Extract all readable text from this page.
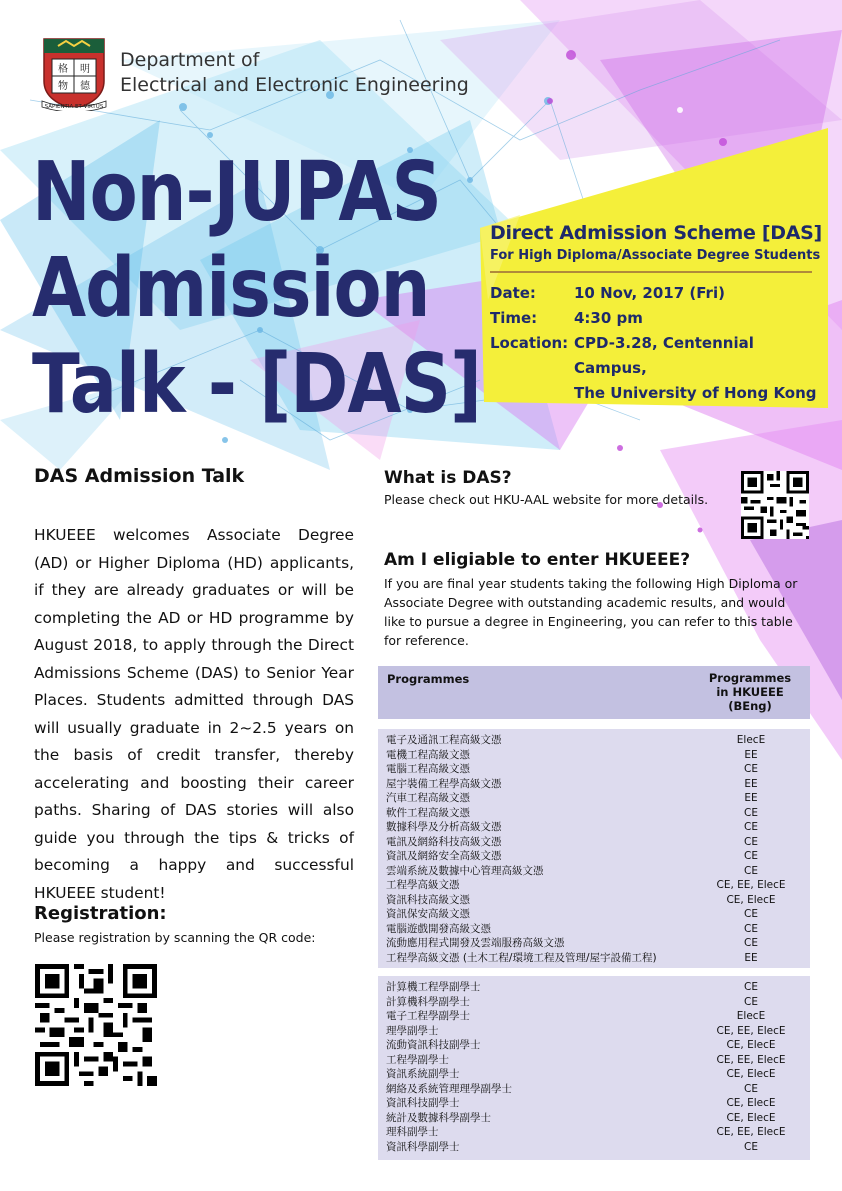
格 明
物 德
SAPIENTIA ET VIRTUS
Department of
Electrical and Electronic Engineering
Non-JUPAS
Admission
Talk - [DAS]
Direct Admission Scheme [DAS]
For High Diploma/Associate Degree Students
Date:	10 Nov, 2017 (Fri)
Time:	4:30 pm
Location: CPD-3.28, Centennial Campus,
The University of Hong Kong
DAS Admission Talk
HKUEEE welcomes Associate Degree (AD) or Higher Diploma (HD) applicants, if they are already graduates or will be completing the AD or HD programme by August 2018, to apply through the Direct Admissions Scheme (DAS) to Senior Year Places. Students admitted through DAS will usually graduate in 2~2.5 years on the basis of credit transfer, thereby accelerating and boosting their career paths. Sharing of DAS stories will also guide you through the tips & tricks of becoming a happy and successful HKUEEE student!
Registration:
Please registration by scanning the QR code:
What is DAS?
Please check out HKU-AAL website for more details.
Am I eligiable to enter HKUEEE?
If you are final year students taking the following High Diploma or Associate Degree with outstanding academic results, and would like to pursue a degree in Engineering, you can refer to this table for reference.
Programmes	Programmes
in HKUEEE
(BEng)
電子及通訊工程高級文憑	ElecE
電機工程高級文憑	EE
電腦工程高級文憑	CE
屋宇裝備工程學高級文憑	EE
汽車工程高級文憑	EE
軟件工程高級文憑	CE
數據科學及分析高級文憑	CE
電訊及網絡科技高級文憑	CE
資訊及網絡安全高級文憑	CE
雲端系統及數據中心管理高級文憑	CE
工程學高級文憑	CE, EE, ElecE
資訊科技高級文憑	CE, ElecE
資訊保安高級文憑	CE
電腦遊戲開發高級文憑	CE
流動應用程式開發及雲端服務高級文憑	CE
工程學高級文憑 (土木工程/環境工程及管理/屋宇設備工程)	EE
計算機工程學副學士	CE
計算機科學副學士	CE
電子工程學副學士	ElecE
理學副學士	CE, EE, ElecE
流動資訊科技副學士	CE, ElecE
工程學副學士	CE, EE, ElecE
資訊系統副學士	CE, ElecE
網絡及系統管理理學副學士	CE
資訊科技副學士	CE, ElecE
統計及數據科學副學士	CE, ElecE
理科副學士	CE, EE, ElecE
資訊科學副學士	CE
